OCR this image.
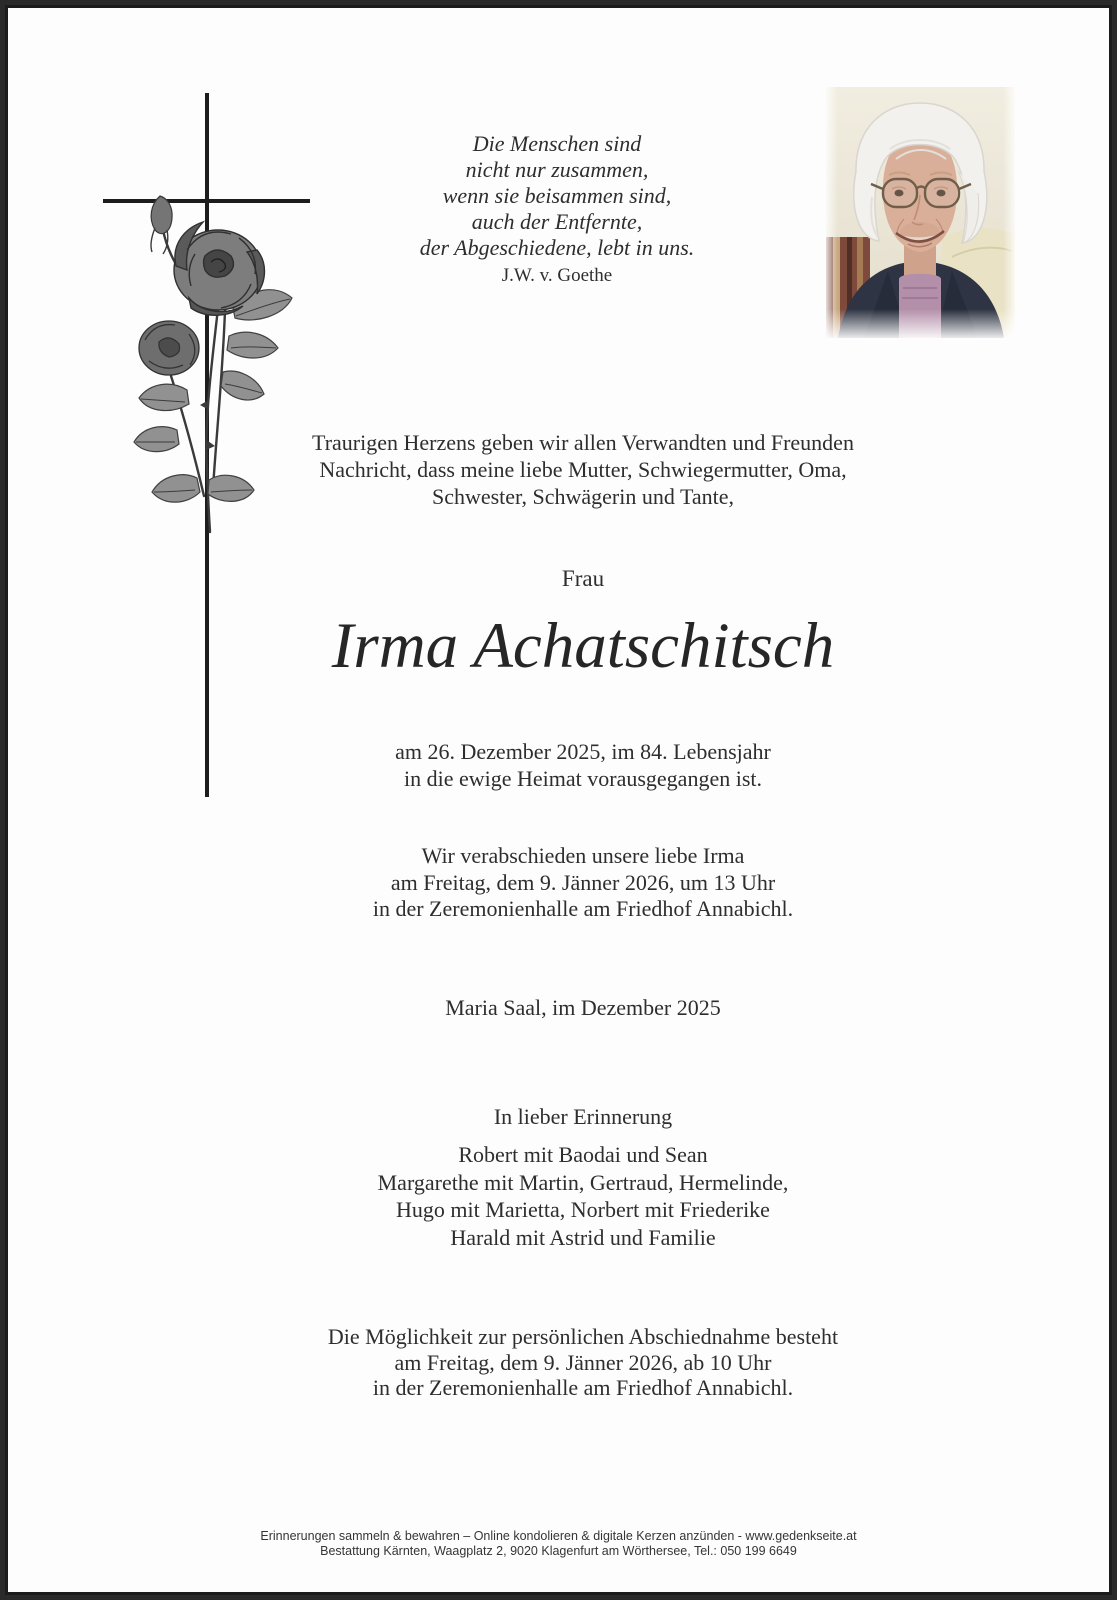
Die Menschen sind
nicht nur zusammen,
wenn sie beisammen sind,
auch der Entfernte,
der Abgeschiedene, lebt in uns.
J.W. v. Goethe
Traurigen Herzens geben wir allen Verwandten und Freunden
Nachricht, dass meine liebe Mutter, Schwiegermutter, Oma,
Schwester, Schwägerin und Tante,
Frau
Irma Achatschitsch
am 26. Dezember 2025, im 84. Lebensjahr
in die ewige Heimat vorausgegangen ist.
Wir verabschieden unsere liebe Irma
am Freitag, dem 9. Jänner 2026, um 13 Uhr
in der Zeremonienhalle am Friedhof Annabichl.
Maria Saal, im Dezember 2025
In lieber Erinnerung
Robert mit Baodai und Sean
Margarethe mit Martin, Gertraud, Hermelinde,
Hugo mit Marietta, Norbert mit Friederike
Harald mit Astrid und Familie
Die Möglichkeit zur persönlichen Abschiednahme besteht
am Freitag, dem 9. Jänner 2026, ab 10 Uhr
in der Zeremonienhalle am Friedhof Annabichl.
Erinnerungen sammeln & bewahren – Online kondolieren & digitale Kerzen anzünden - www.gedenkseite.at
Bestattung Kärnten, Waagplatz 2, 9020 Klagenfurt am Wörthersee, Tel.: 050 199 6649
